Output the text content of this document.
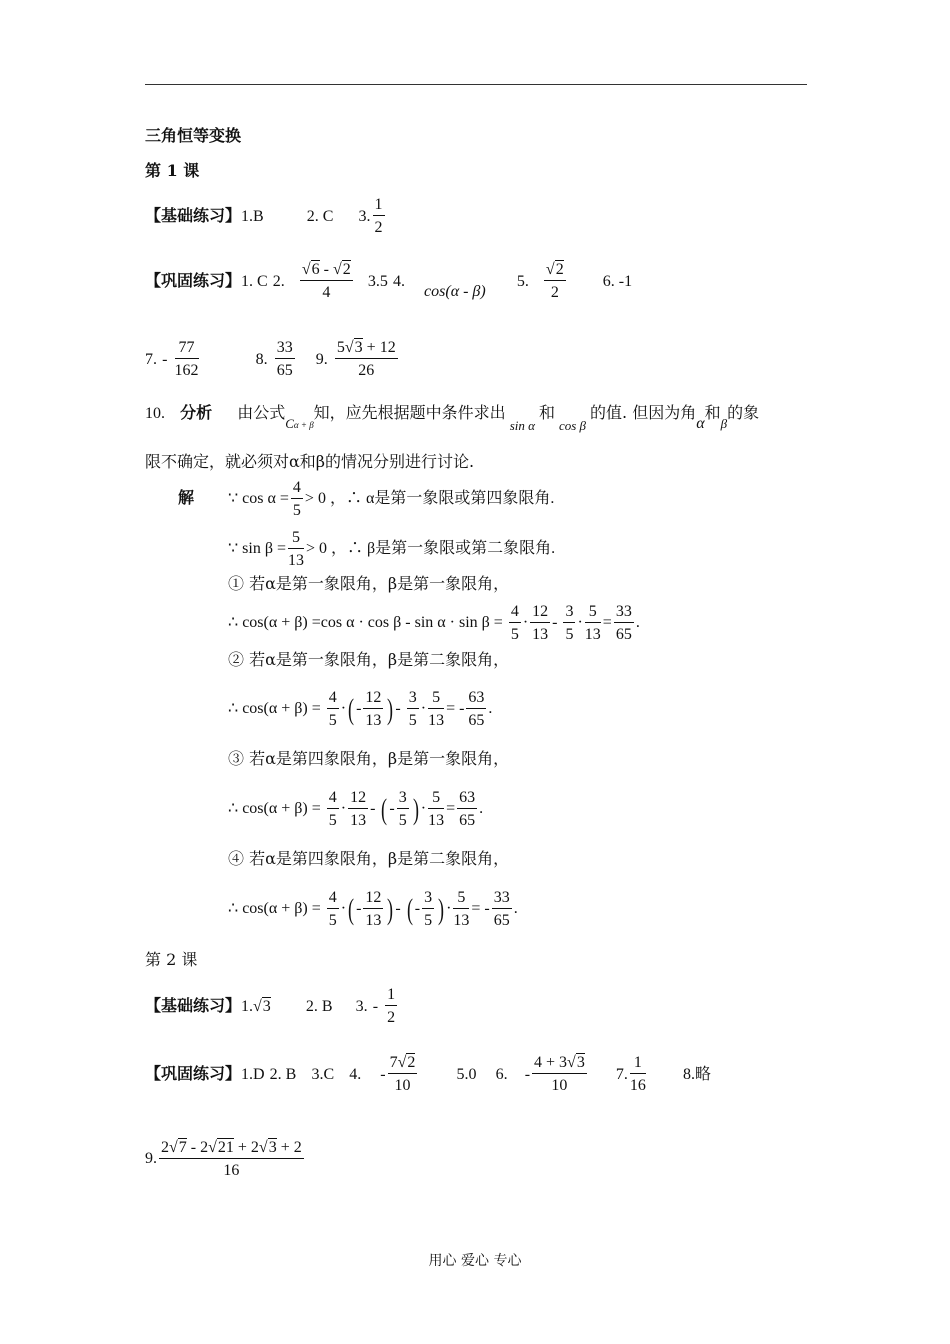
三角恒等变换
第 1 课
【基础练习】1.B	2. C 3. $\frac{1}{2}$
【巩固练习】1. C 2. $\frac{√6 - √2}{4} 3.5$ 4. cos(α - β) 5. $\frac{√2}{2} 6$. -1
7. - $\frac{77}{162}$	8. $\frac{33}{65} 9$. $\frac{5√3 + 12}{26}$
10. 分析 由公式$_{C\alpha + \beta}$知，应先根据题中条件求出$_{sin \alpha}$和$_{cos \beta}$的值. 但因为角α和$_\beta$的象
限不确定，就必须对α和β的情况分别进行讨论.
解 ∵ $\cos \alpha = \frac{4}{5} > 0$ ，∴ α是第一象限或第四象限角.
∵ $\sin \beta = \frac{5}{13} > 0$ ，∴ β是第一象限或第二象限角.
① 若α是第一象限角，β是第一象限角，
∴ cos(α + β) =cos $\alpha \cdot \cos \beta - \sin \alpha \cdot \sin \beta = \frac{4}{5} \cdot \frac{12}{13} - \frac{3}{5} \cdot \frac{5}{13} = \frac{33}{65}$ .
② 若α是第一象限角，β是第二象限角，
∴ $\cos(\alpha + \beta) = \frac{4}{5}$ ·( - $\frac{12}{13}$ ) - $\frac{3}{5} \cdot \frac{5}{13}$ = - $\frac{63}{65}$ .
③ 若α是第四象限角，β是第一象限角，
∴ $\cos(\alpha + \beta) = \frac{4}{5} \cdot \frac{12}{13}$ - ( - $\frac{3}{5}$ ) · $\frac{5}{13} = \frac{63}{65}$ .
④ 若α是第四象限角，β是第二象限角，
∴ $\cos(\alpha + \beta) = \frac{4}{5}$ ·( - $\frac{12}{13}$ ) - ( - $\frac{3}{5}$ ) · $\frac{5}{13}$ = - $\frac{33}{65}$ .
第 2 课
【基础练习】1.√3 2. B 3. - $\frac{1}{2}$
【巩固练习】1.D 2. B 3.C 4. - $\frac{7√2}{10} 5.0$ 6. - $\frac{4 + 3√3}{10} 7$. $\frac{1}{16} 8$.略
9. $\frac{2√7 - 2√21 + 2√3 + 2}{16}$
用心 爱心 专心
